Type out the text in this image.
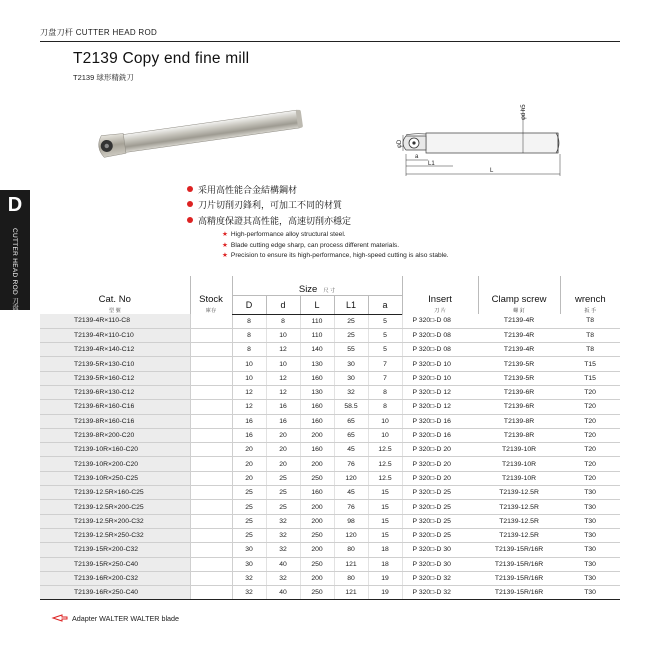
刀盘刀杆 CUTTER HEAD ROD
T2139 Copy end fine mill
T2139 球形精銑刀
D
CUTTER HEAD ROD 刀盘刀杆
φd h5
φD
a
L1
L
采用高性能合金結構鋼材
刀片切削刃鋒利，可加工不同的材質
高精度保證其高性能，高速切削亦穩定
★ High-performance alloy structural steel.
★ Blade cutting edge sharp, can process different materials.
★ Precision to ensure its high-performance, high-speed cutting is also stable.
Cat. No
型 號	Stock
庫存	Size 尺 寸					Insert
刀 片	Clamp screw
螺 釘	wrench
扳 手

		D	d	L	L1	a			
T2139-4R×110-C8		8	8	110	25	5	P 320□-D 08	T2139-4R	T8
T2139-4R×110-C10		8	10	110	25	5	P 320□-D 08	T2139-4R	T8
T2139-4R×140-C12		8	12	140	55	5	P 320□-D 08	T2139-4R	T8
T2139-5R×130-C10		10	10	130	30	7	P 320□-D 10	T2139-5R	T15
T2139-5R×160-C12		10	12	160	30	7	P 320□-D 10	T2139-5R	T15
T2139-6R×130-C12		12	12	130	32	8	P 320□-D 12	T2139-6R	T20
T2139-6R×160-C16		12	16	160	58.5	8	P 320□-D 12	T2139-6R	T20
T2139-8R×160-C16		16	16	160	65	10	P 320□-D 16	T2139-8R	T20
T2139-8R×200-C20		16	20	200	65	10	P 320□-D 16	T2139-8R	T20
T2139-10R×160-C20		20	20	160	45	12.5	P 320□-D 20	T2139-10R	T20
T2139-10R×200-C20		20	20	200	76	12.5	P 320□-D 20	T2139-10R	T20
T2139-10R×250-C25		20	25	250	120	12.5	P 320□-D 20	T2139-10R	T20
T2139-12.5R×160-C25		25	25	160	45	15	P 320□-D 25	T2139-12.5R	T30
T2139-12.5R×200-C25		25	25	200	76	15	P 320□-D 25	T2139-12.5R	T30
T2139-12.5R×200-C32		25	32	200	98	15	P 320□-D 25	T2139-12.5R	T30
T2139-12.5R×250-C32		25	32	250	120	15	P 320□-D 25	T2139-12.5R	T30
T2139-15R×200-C32		30	32	200	80	18	P 320□-D 30	T2139-15R/16R	T30
T2139-15R×250-C40		30	40	250	121	18	P 320□-D 30	T2139-15R/16R	T30
T2139-16R×200-C32		32	32	200	80	19	P 320□-D 32	T2139-15R/16R	T30
T2139-16R×250-C40		32	40	250	121	19	P 320□-D 32	T2139-15R/16R	T30
Adapter WALTER WALTER blade
